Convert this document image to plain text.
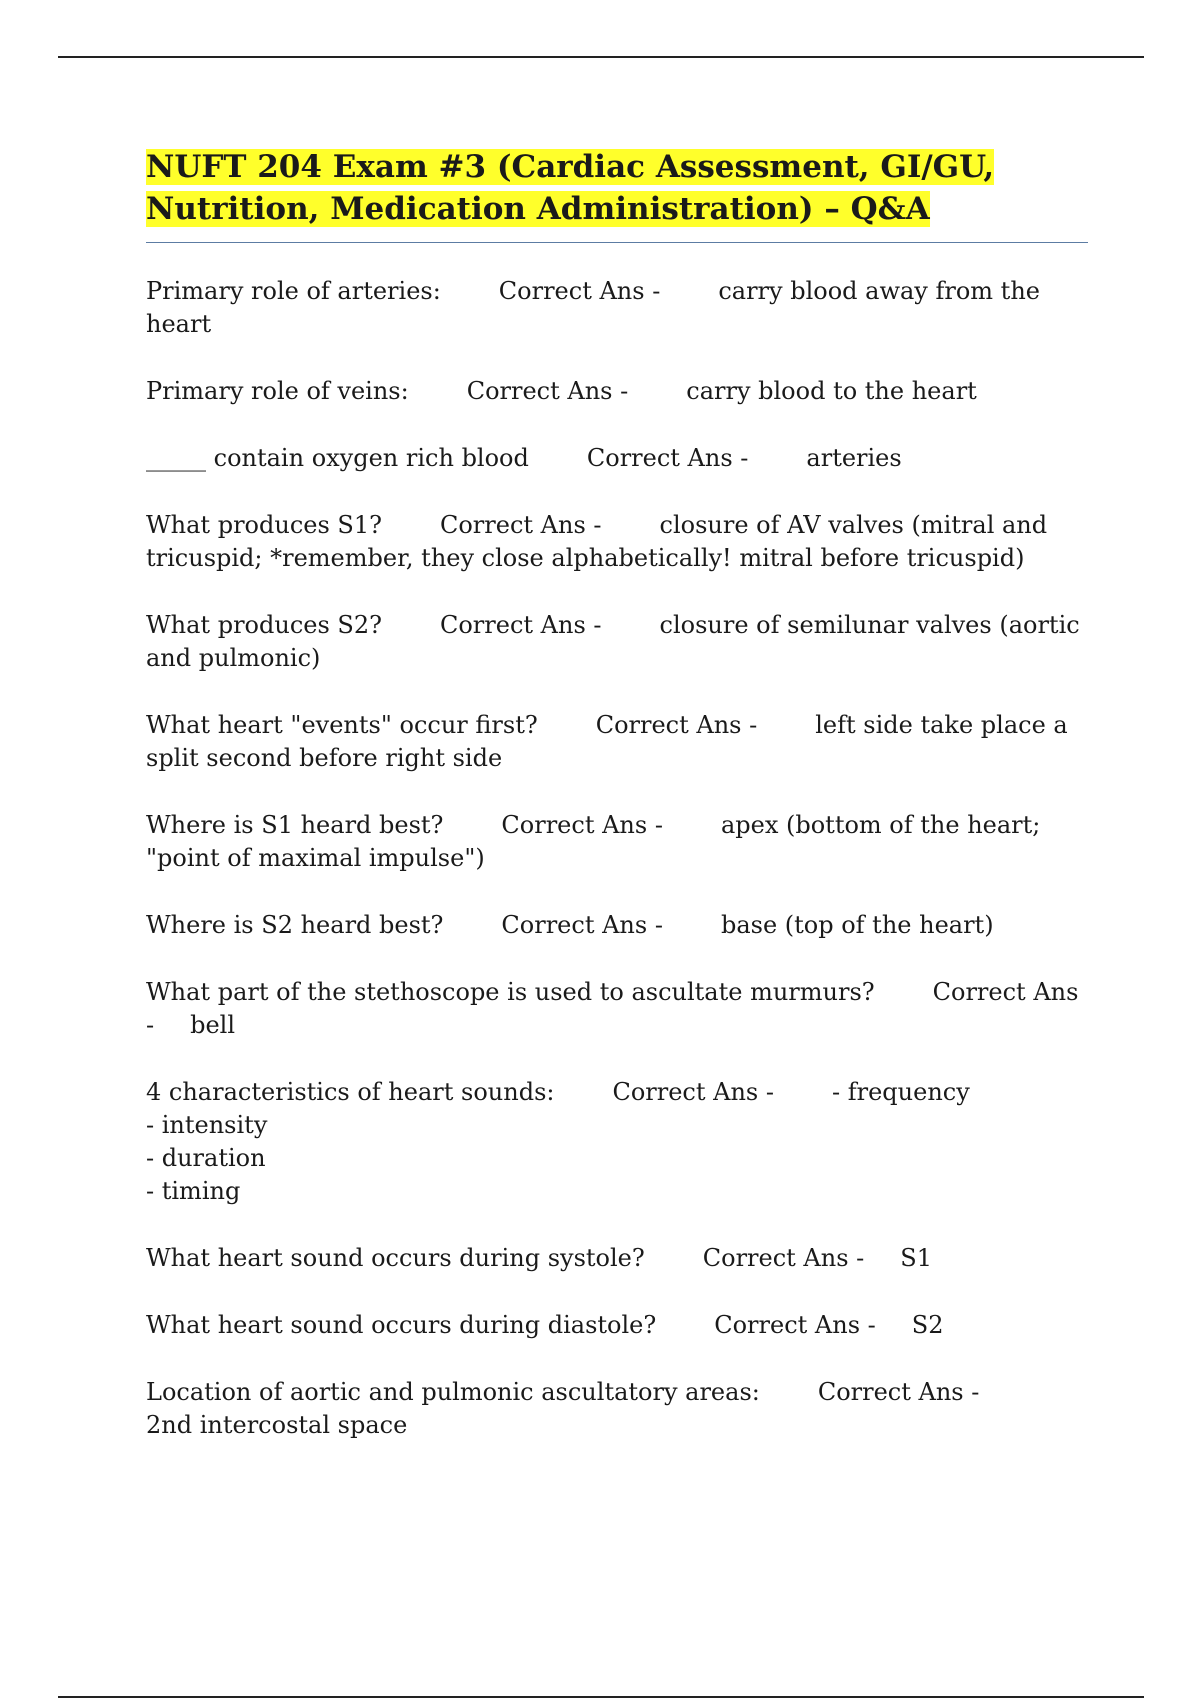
NUFT 204 Exam #3 (Cardiac Assessment, GI/GU, Nutrition, Medication Administration) – Q&A

Primary role of arteries: Correct Ans - carry blood away from the heart

Primary role of veins: Correct Ans - carry blood to the heart

_____ contain oxygen rich blood Correct Ans - arteries

What produces S1? Correct Ans - closure of AV valves (mitral and tricuspid; *remember, they close alphabetically! mitral before tricuspid)

What produces S2? Correct Ans - closure of semilunar valves (aortic and pulmonic)

What heart "events" occur first? Correct Ans - left side take place a split second before right side

Where is S1 heard best? Correct Ans - apex (bottom of the heart; "point of maximal impulse")

Where is S2 heard best? Correct Ans - base (top of the heart)

What part of the stethoscope is used to ascultate murmurs? Correct Ans - bell

4 characteristics of heart sounds: Correct Ans - - frequency
- intensity
- duration
- timing

What heart sound occurs during systole? Correct Ans - S1

What heart sound occurs during diastole? Correct Ans - S2

Location of aortic and pulmonic ascultatory areas: Correct Ans -
2nd intercostal space
